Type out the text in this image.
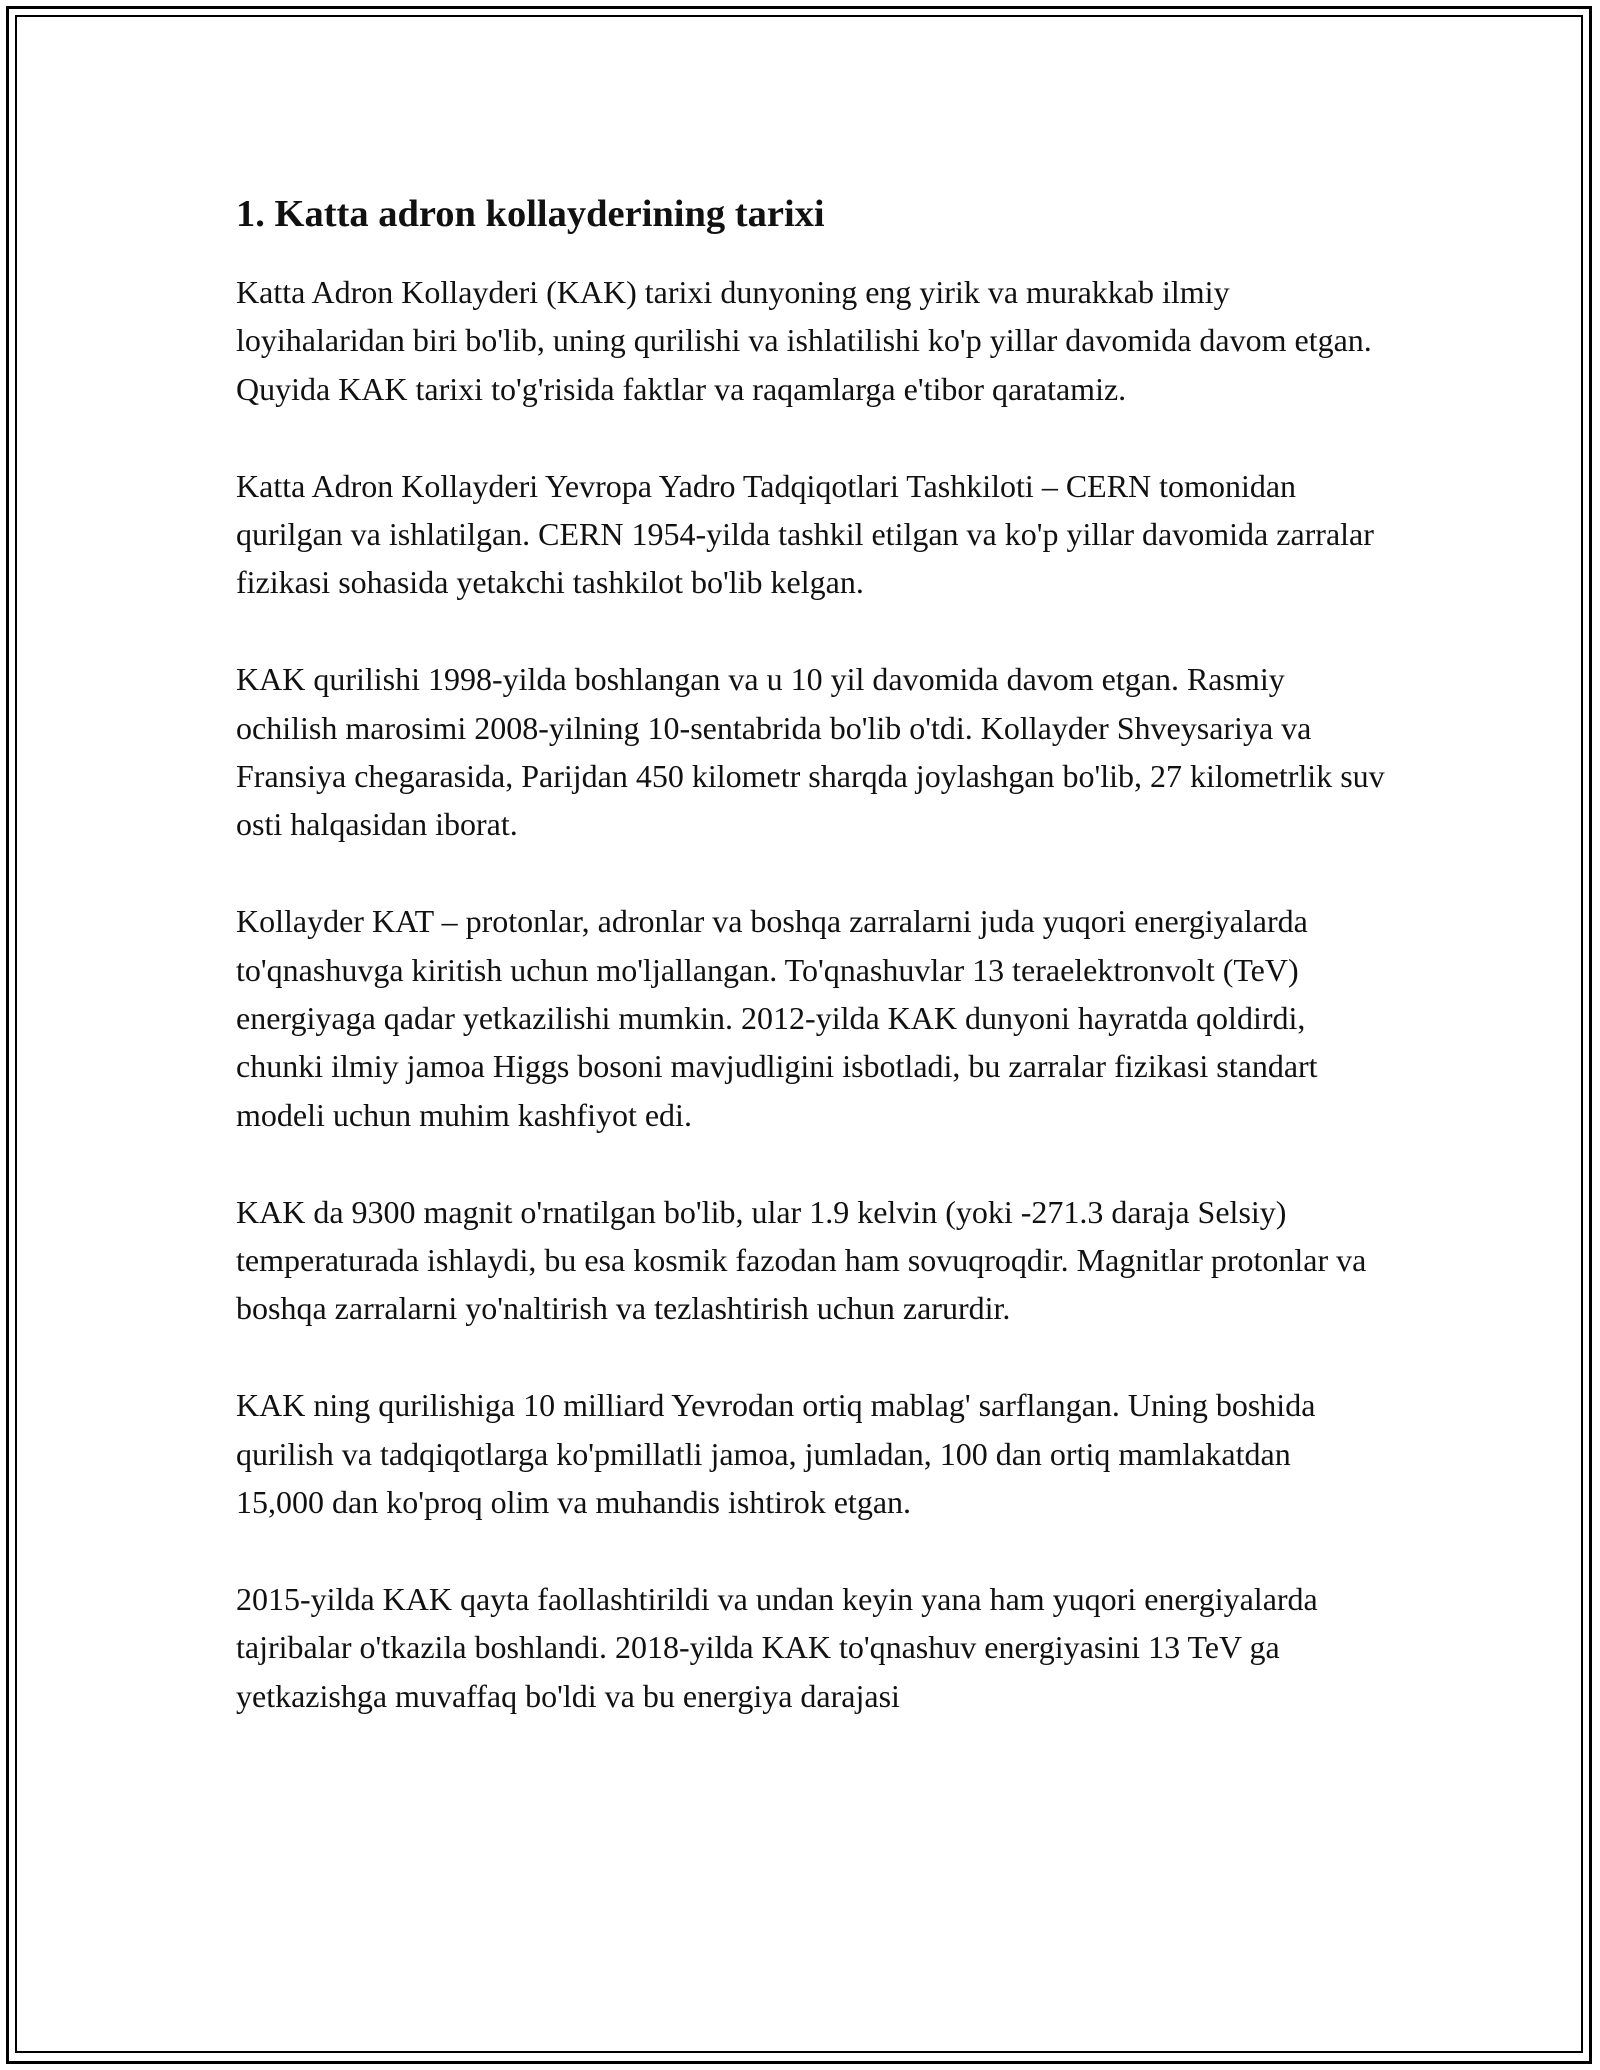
1. Katta adron kollayderining tarixi

Katta Adron Kollayderi (KAK) tarixi dunyoning eng yirik va murakkab ilmiy loyihalaridan biri bo'lib, uning qurilishi va ishlatilishi ko'p yillar davomida davom etgan. Quyida KAK tarixi to'g'risida faktlar va raqamlarga e'tibor qaratamiz.

Katta Adron Kollayderi Yevropa Yadro Tadqiqotlari Tashkiloti – CERN tomonidan qurilgan va ishlatilgan. CERN 1954-yilda tashkil etilgan va ko'p yillar davomida zarralar fizikasi sohasida yetakchi tashkilot bo'lib kelgan.

KAK qurilishi 1998-yilda boshlangan va u 10 yil davomida davom etgan. Rasmiy ochilish marosimi 2008-yilning 10-sentabrida bo'lib o'tdi. Kollayder Shveysariya va Fransiya chegarasida, Parijdan 450 kilometr sharqda joylashgan bo'lib, 27 kilometrlik suv osti halqasidan iborat.

Kollayder KAT – protonlar, adronlar va boshqa zarralarni juda yuqori energiyalarda to'qnashuvga kiritish uchun mo'ljallangan. To'qnashuvlar 13 teraelektronvolt (TeV) energiyaga qadar yetkazilishi mumkin. 2012-yilda KAK dunyoni hayratda qoldirdi, chunki ilmiy jamoa Higgs bosoni mavjudligini isbotladi, bu zarralar fizikasi standart modeli uchun muhim kashfiyot edi.

KAK da 9300 magnit o'rnatilgan bo'lib, ular 1.9 kelvin (yoki -271.3 daraja Selsiy) temperaturada ishlaydi, bu esa kosmik fazodan ham sovuqroqdir. Magnitlar protonlar va boshqa zarralarni yo'naltirish va tezlashtirish uchun zarurdir.

KAK ning qurilishiga 10 milliard Yevrodan ortiq mablag' sarflangan. Uning boshida qurilish va tadqiqotlarga ko'pmillatli jamoa, jumladan, 100 dan ortiq mamlakatdan 15,000 dan ko'proq olim va muhandis ishtirok etgan.

2015-yilda KAK qayta faollashtirildi va undan keyin yana ham yuqori energiyalarda tajribalar o'tkazila boshlandi. 2018-yilda KAK to'qnashuv energiyasini 13 TeV ga yetkazishga muvaffaq bo'ldi va bu energiya darajasi
